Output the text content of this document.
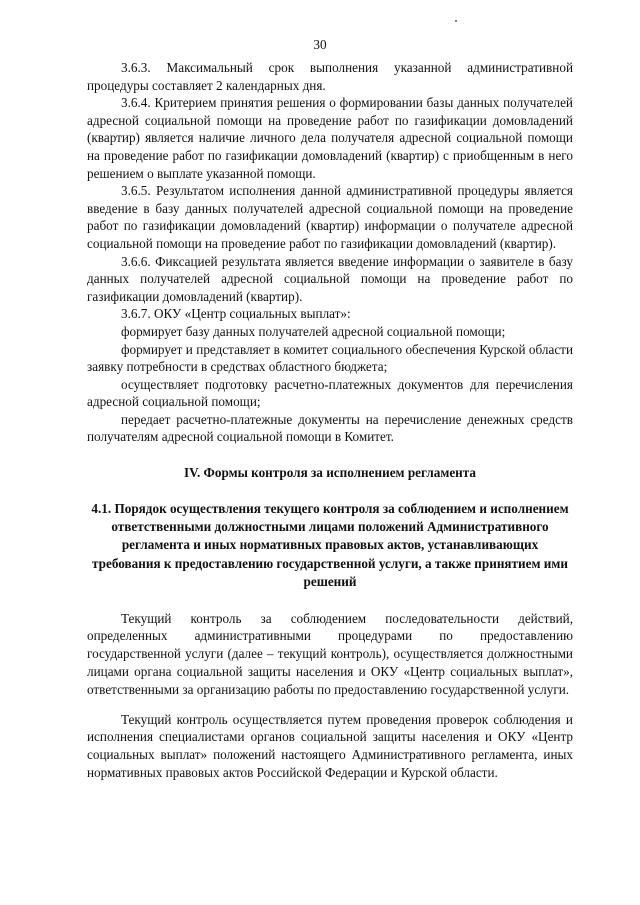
30

3.6.3. Максимальный срок выполнения указанной административной процедуры составляет 2 календарных дня.

3.6.4. Критерием принятия решения о формировании базы данных получателей адресной социальной помощи на проведение работ по газификации домовладений (квартир) является наличие личного дела получателя адресной социальной помощи на проведение работ по газификации домовладений (квартир) с приобщенным в него решением о выплате указанной помощи.

3.6.5. Результатом исполнения данной административной процедуры является введение в базу данных получателей адресной социальной помощи на проведение работ по газификации домовладений (квартир) информации о получателе адресной социальной помощи на проведение работ по газификации домовладений (квартир).

3.6.6. Фиксацией результата является введение информации о заявителе в базу данных получателей адресной социальной помощи на проведение работ по газификации домовладений (квартир).

3.6.7. ОКУ «Центр социальных выплат»:

формирует базу данных получателей адресной социальной помощи;

формирует и представляет в комитет социального обеспечения Курской области заявку потребности в средствах областного бюджета;

осуществляет подготовку расчетно-платежных документов для перечисления адресной социальной помощи;

передает расчетно-платежные документы на перечисление денежных средств получателям адресной социальной помощи в Комитет.

IV. Формы контроля за исполнением регламента

4.1. Порядок осуществления текущего контроля за соблюдением и исполнением ответственными должностными лицами положений Административного регламента и иных нормативных правовых актов, устанавливающих требования к предоставлению государственной услуги, а также принятием ими решений

Текущий контроль за соблюдением последовательности действий, определенных административными процедурами по предоставлению государственной услуги (далее – текущий контроль), осуществляется должностными лицами органа социальной защиты населения и ОКУ «Центр социальных выплат», ответственными за организацию работы по предоставлению государственной услуги.

Текущий контроль осуществляется путем проведения проверок соблюдения и исполнения специалистами органов социальной защиты населения и ОКУ «Центр социальных выплат» положений настоящего Административного регламента, иных нормативных правовых актов Российской Федерации и Курской области.
